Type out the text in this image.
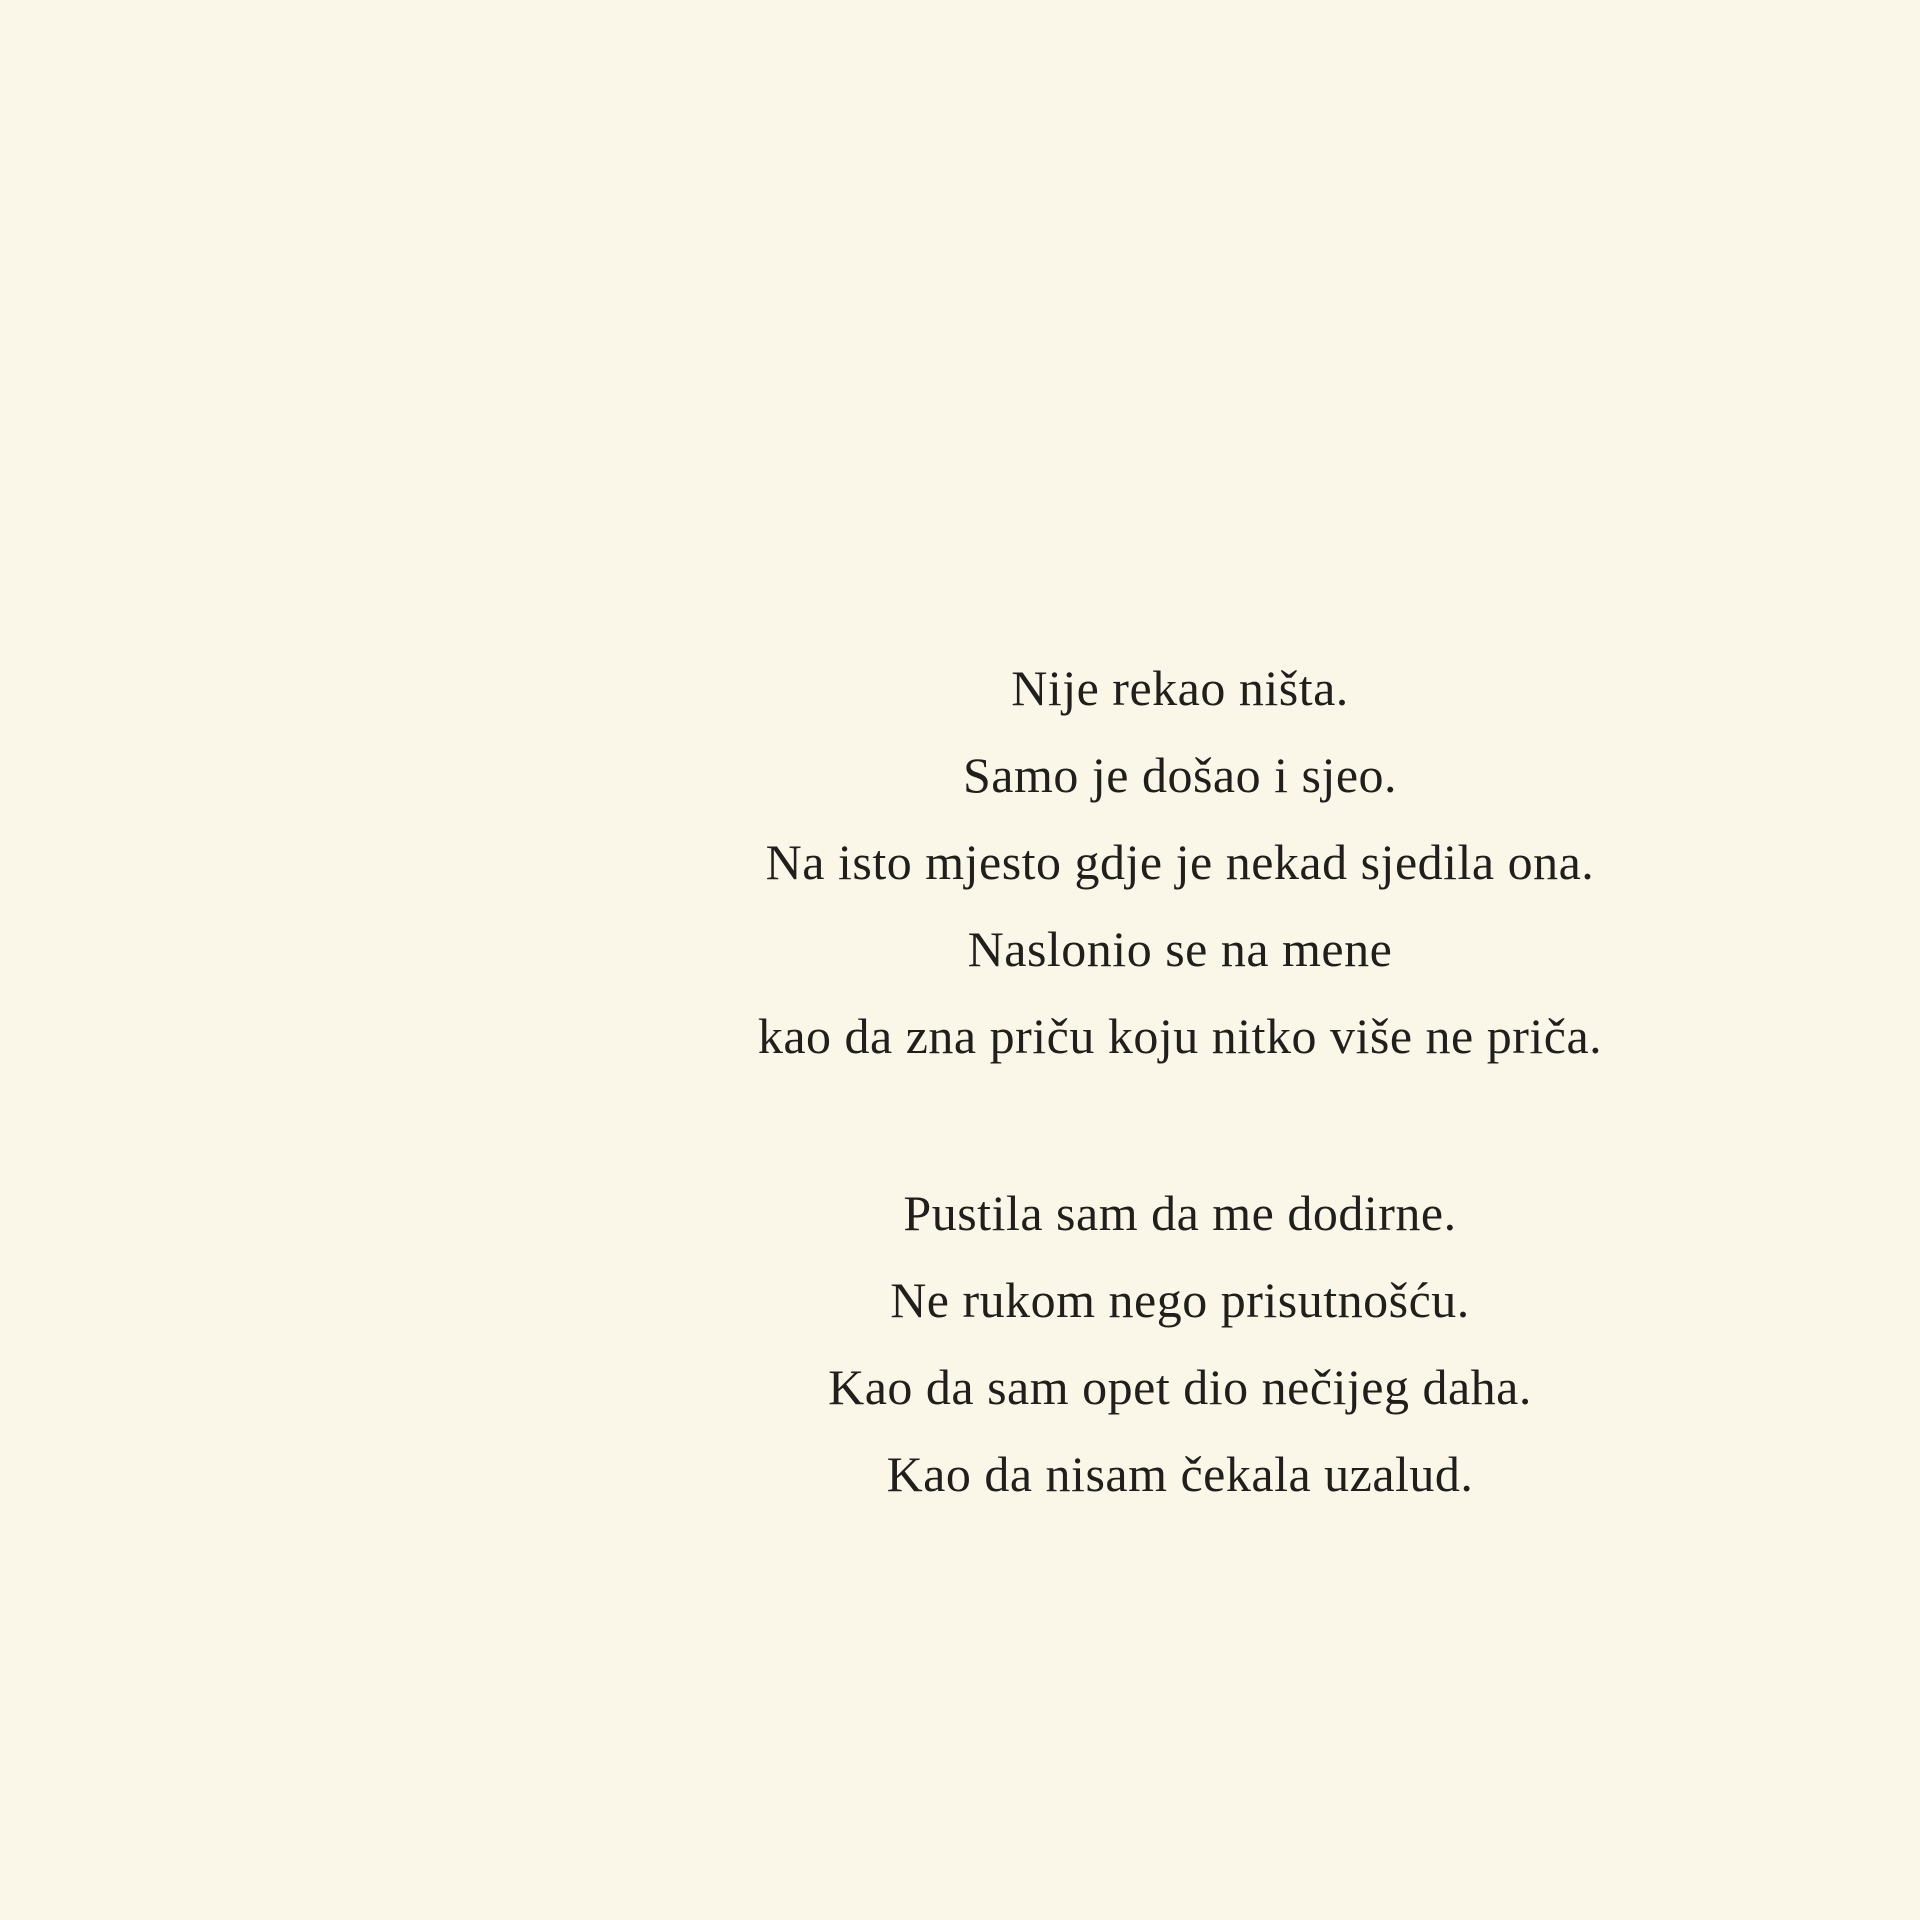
Nije rekao ništa.
Samo je došao i sjeo.
Na isto mjesto gdje je nekad sjedila ona.
Naslonio se na mene
kao da zna priču koju nitko više ne priča.
Pustila sam da me dodirne.
Ne rukom nego prisutnošću.
Kao da sam opet dio nečijeg daha.
Kao da nisam čekala uzalud.
